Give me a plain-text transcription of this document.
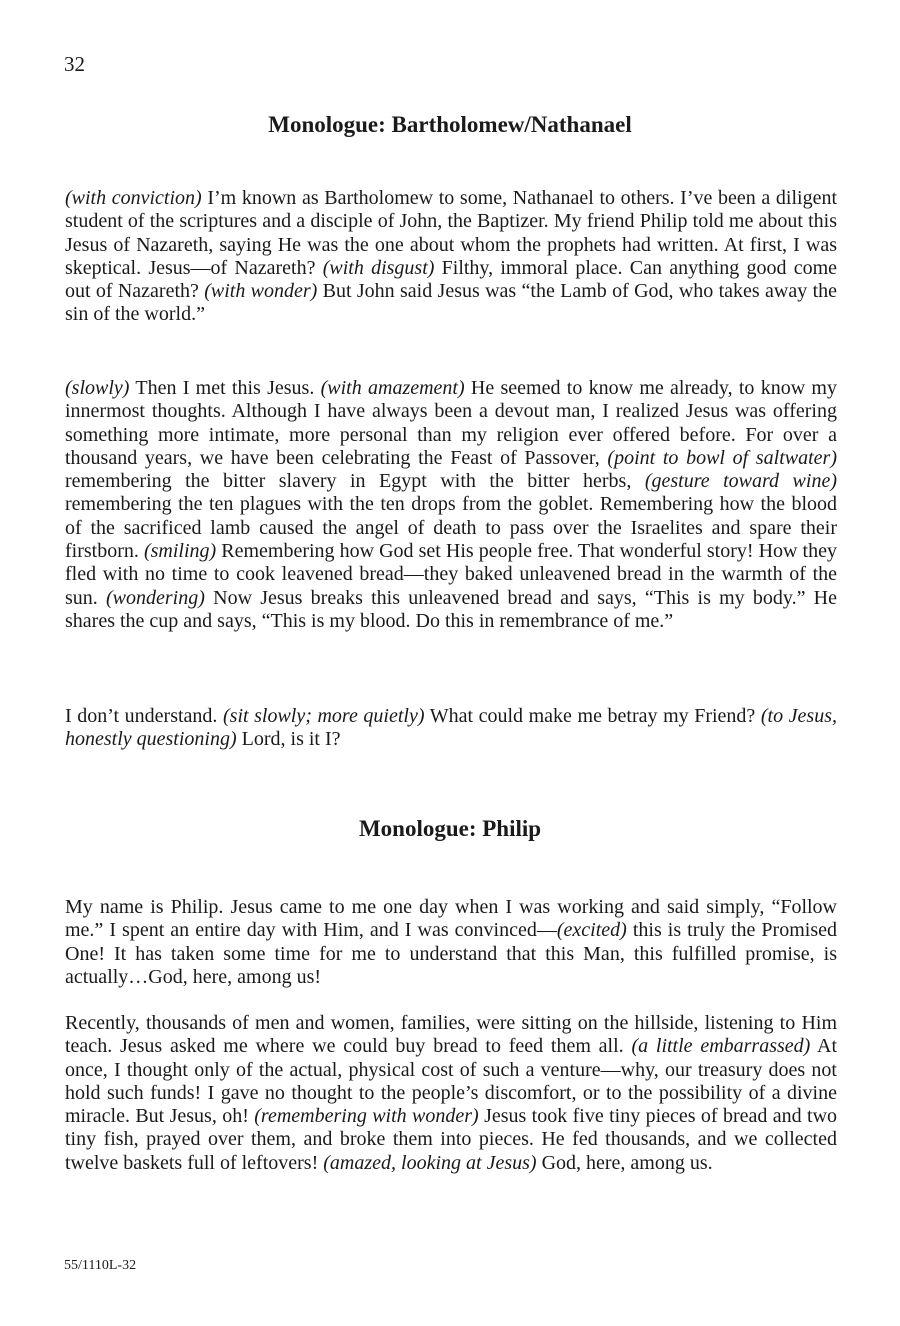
32
Monologue: Bartholomew/Nathanael

(with conviction) I’m known as Bartholomew to some, Nathanael to others. I’ve been a diligent student of the scriptures and a disciple of John, the Baptizer. My friend Philip told me about this Jesus of Nazareth, saying He was the one about whom the prophets had written. At first, I was skeptical. Jesus—of Nazareth? (with disgust) Filthy, immoral place. Can anything good come out of Nazareth? (with wonder) But John said Jesus was “the Lamb of God, who takes away the sin of the world.”

(slowly) Then I met this Jesus. (with amazement) He seemed to know me already, to know my innermost thoughts. Although I have always been a devout man, I realized Jesus was offering something more intimate, more personal than my religion ever offered before. For over a thousand years, we have been celebrating the Feast of Passover, (point to bowl of saltwater) remembering the bitter slavery in Egypt with the bitter herbs, (gesture toward wine) remembering the ten plagues with the ten drops from the goblet. Remembering how the blood of the sacrificed lamb caused the angel of death to pass over the Israelites and spare their firstborn. (smiling) Remembering how God set His people free. That wonderful story! How they fled with no time to cook leavened bread—they baked unleavened bread in the warmth of the sun. (wondering) Now Jesus breaks this unleavened bread and says, “This is my body.” He shares the cup and says, “This is my blood. Do this in remembrance of me.”

I don’t understand. (sit slowly; more quietly) What could make me betray my Friend? (to Jesus, honestly questioning) Lord, is it I?

Monologue: Philip

My name is Philip. Jesus came to me one day when I was working and said simply, “Follow me.” I spent an entire day with Him, and I was convinced—(excited) this is truly the Promised One! It has taken some time for me to understand that this Man, this fulfilled promise, is actually…God, here, among us!

Recently, thousands of men and women, families, were sitting on the hillside, listening to Him teach. Jesus asked me where we could buy bread to feed them all. (a little embarrassed) At once, I thought only of the actual, physical cost of such a venture—why, our treasury does not hold such funds! I gave no thought to the people’s discomfort, or to the possibility of a divine miracle. But Jesus, oh! (remembering with wonder) Jesus took five tiny pieces of bread and two tiny fish, prayed over them, and broke them into pieces. He fed thousands, and we collected twelve baskets full of leftovers! (amazed, looking at Jesus) God, here, among us.

55/1110L-32
